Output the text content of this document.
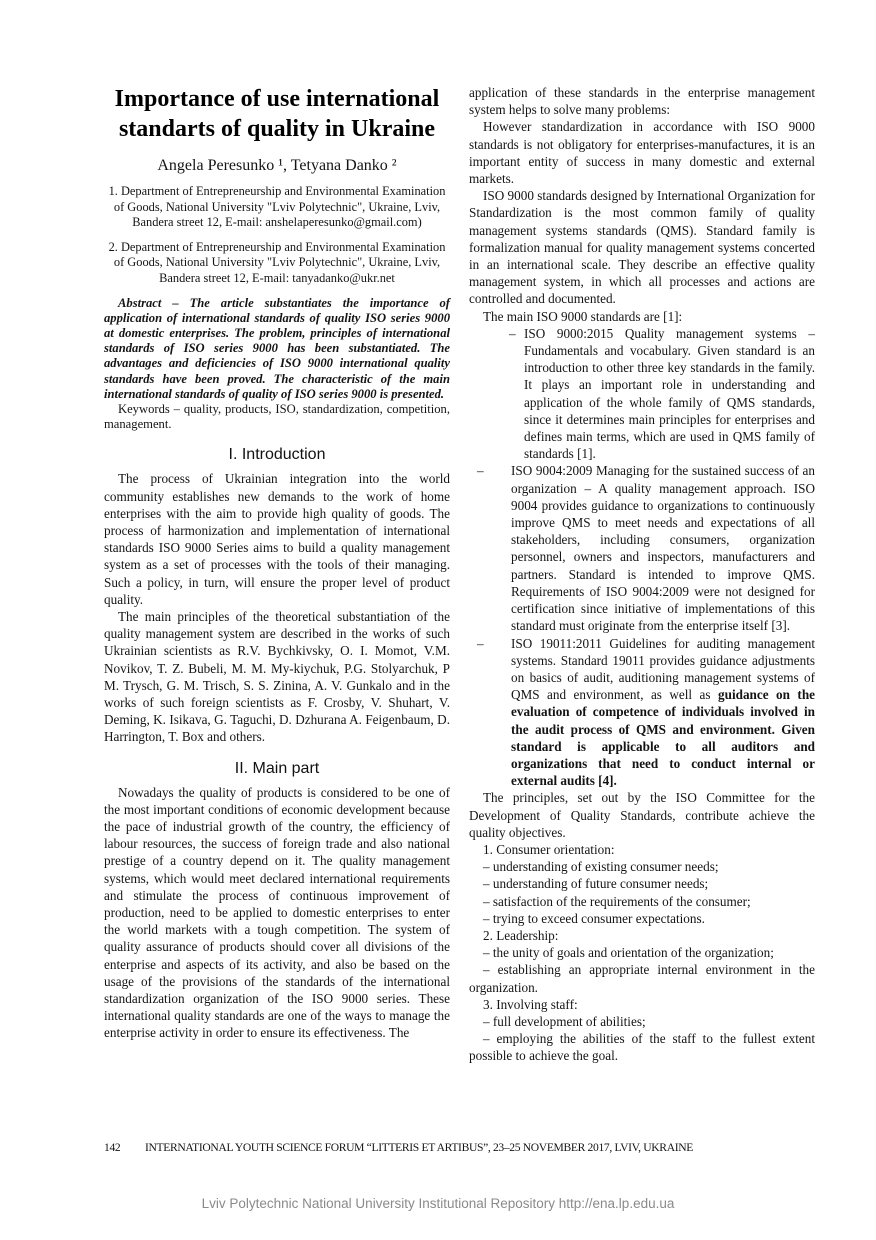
Importance of use international
standarts of quality in Ukraine
Angela Peresunko ¹, Tetyana Danko ²
1. Department of Entrepreneurship and Environmental Examination of Goods, National University "Lviv Polytechnic", Ukraine, Lviv, Bandera street 12, E-mail: anshelaperesunko@gmail.com)
2. Department of Entrepreneurship and Environmental Examination of Goods, National University "Lviv Polytechnic", Ukraine, Lviv, Bandera street 12, E-mail: tanyadanko@ukr.net

Abstract – The article substantiates the importance of application of international standards of quality ISO series 9000 at domestic enterprises. The problem, principles of international standards of ISO series 9000 has been substantiated. The advantages and deficiencies of ISO 9000 international quality standards have been proved. The characteristic of the main international standards of quality of ISO series 9000 is presented.

Keywords – quality, products, ISO, standardization, competition, management.

I. Introduction

The process of Ukrainian integration into the world community establishes new demands to the work of home enterprises with the aim to provide high quality of goods. The process of harmonization and implementation of international standards ISO 9000 Series aims to build a quality management system as a set of processes with the tools of their managing. Such a policy, in turn, will ensure the proper level of product quality.

The main principles of the theoretical substantiation of the quality management system are described in the works of such Ukrainian scientists as R.V. Bychkivsky, O. I. Momot, V.M. Novikov, T. Z. Bubeli, M. M. My-kiychuk, P.G. Stolyarchuk, P M. Trysch, G. M. Trisch, S. S. Zinina, A. V. Gunkalo and in the works of such foreign scientists as F. Crosby, V. Shuhart, V. Deming, K. Isikava, G. Taguchi, D. Dzhurana A. Feigenbaum, D. Harrington, T. Box and others.

II. Main part

Nowadays the quality of products is considered to be one of the most important conditions of economic development because the pace of industrial growth of the country, the efficiency of labour resources, the success of foreign trade and also national prestige of a country depend on it. The quality management systems, which would meet declared international requirements and stimulate the process of continuous improvement of production, need to be applied to domestic enterprises to enter the world markets with a tough competition. The system of quality assurance of products should cover all divisions of the enterprise and aspects of its activity, and also be based on the usage of the provisions of the standards of the international standardization organization of the ISO 9000 series. These international quality standards are one of the ways to manage the enterprise activity in order to ensure its effectiveness. The

application of these standards in the enterprise management system helps to solve many problems:

However standardization in accordance with ISO 9000 standards is not obligatory for enterprises-manufactures, it is an important entity of success in many domestic and external markets.

ISO 9000 standards designed by International Organization for Standardization is the most common family of quality management systems standards (QMS). Standard family is formalization manual for quality management systems concerted in an international scale. They describe an effective quality management system, in which all processes and actions are controlled and documented.

The main ISO 9000 standards are [1]:

– ISO 9000:2015 Quality management systems – Fundamentals and vocabulary. Given standard is an introduction to other three key standards in the family. It plays an important role in understanding and application of the whole family of QMS standards, since it determines main principles for enterprises and defines main terms, which are used in QMS family of standards [1].
– ISO 9004:2009 Managing for the sustained success of an organization – A quality management approach. ISO 9004 provides guidance to organizations to continuously improve QMS to meet needs and expectations of all stakeholders, including consumers, organization personnel, owners and inspectors, manufacturers and partners. Standard is intended to improve QMS. Requirements of ISO 9004:2009 were not designed for certification since initiative of implementations of this standard must originate from the enterprise itself [3].
– ISO 19011:2011 Guidelines for auditing management systems. Standard 19011 provides guidance adjustments on basics of audit, auditioning management systems of QMS and environment, as well as guidance on the evaluation of competence of individuals involved in the audit process of QMS and environment. Given standard is applicable to all auditors and organizations that need to conduct internal or external audits [4].

The principles, set out by the ISO Committee for the Development of Quality Standards, contribute achieve the quality objectives.

1. Consumer orientation:

– understanding of existing consumer needs;

– understanding of future consumer needs;

– satisfaction of the requirements of the consumer;

– trying to exceed consumer expectations.

2. Leadership:

– the unity of goals and orientation of the organization;

– establishing an appropriate internal environment in the organization.

3. Involving staff:

– full development of abilities;

– employing the abilities of the staff to the fullest extent possible to achieve the goal.

142 INTERNATIONAL YOUTH SCIENCE FORUM “LITTERIS ET ARTIBUS”, 23–25 NOVEMBER 2017, LVIV, UKRAINE
Lviv Polytechnic National University Institutional Repository http://ena.lp.edu.ua
